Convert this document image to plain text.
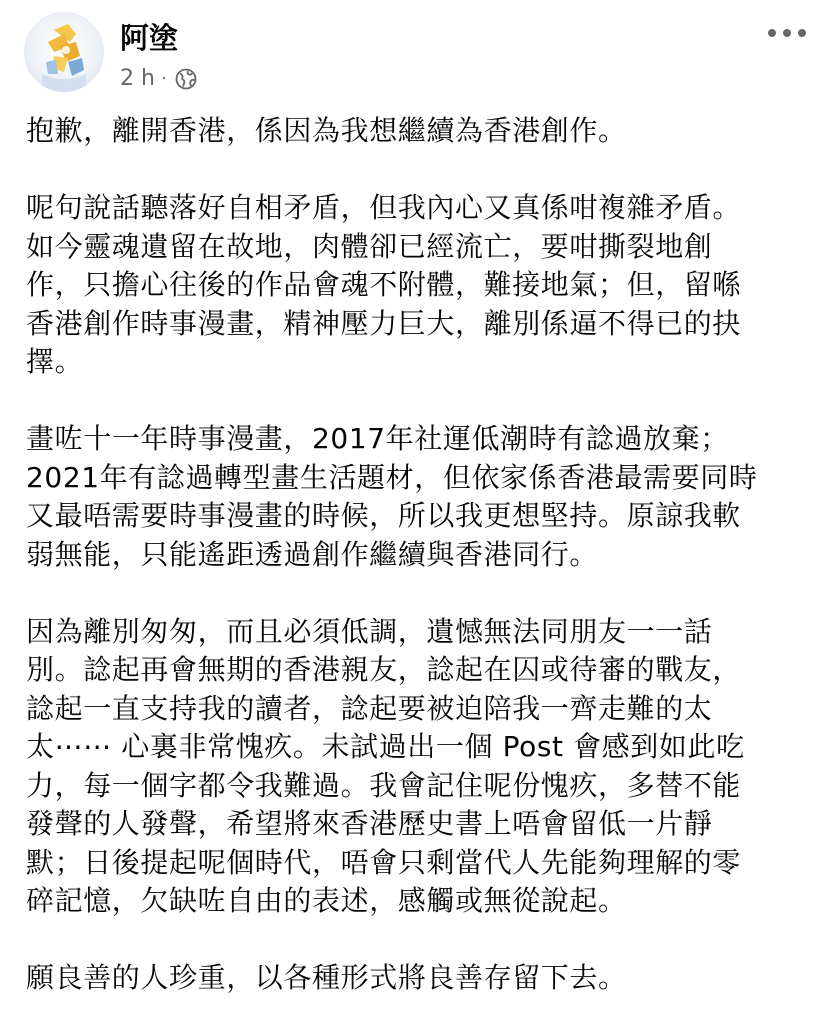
阿塗
2 h ·

抱歉，離開香港，係因為我想繼續為香港創作。

呢句說話聽落好自相矛盾，但我內心又真係咁複雜矛盾。
如今靈魂遺留在故地，肉體卻已經流亡，要咁撕裂地創
作，只擔心往後的作品會魂不附體，難接地氣；但，留喺
香港創作時事漫畫，精神壓力巨大，離別係逼不得已的抉
擇。

畫咗十一年時事漫畫，2017年社運低潮時有諗過放棄；
2021年有諗過轉型畫生活題材，但依家係香港最需要同時
又最唔需要時事漫畫的時候，所以我更想堅持。原諒我軟
弱無能，只能遙距透過創作繼續與香港同行。

因為離別匆匆，而且必須低調，遺憾無法同朋友一一話
別。諗起再會無期的香港親友，諗起在囚或待審的戰友，
諗起一直支持我的讀者，諗起要被迫陪我一齊走難的太
太⋯⋯ 心裏非常愧疚。未試過出一個 Post 會感到如此吃
力，每一個字都令我難過。我會記住呢份愧疚，多替不能
發聲的人發聲，希望將來香港歷史書上唔會留低一片靜
默；日後提起呢個時代，唔會只剩當代人先能夠理解的零
碎記憶，欠缺咗自由的表述，感觸或無從說起。

願良善的人珍重，以各種形式將良善存留下去。
